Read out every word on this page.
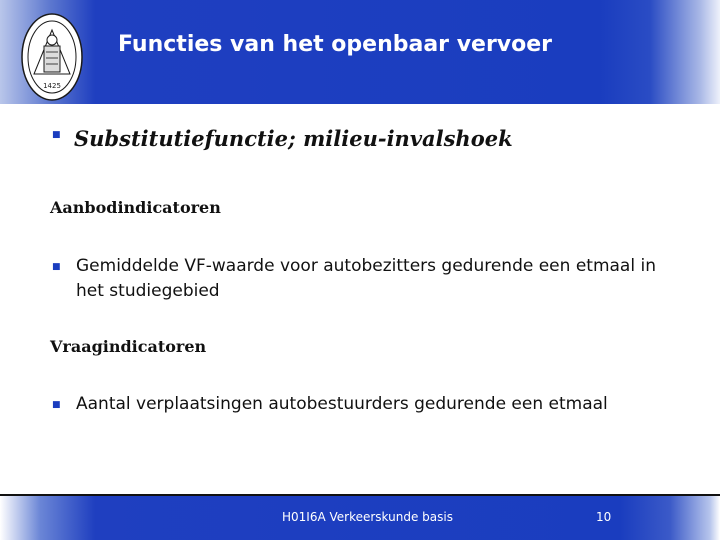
1425
Functies van het openbaar vervoer
■ Substitutiefunctie; milieu-invalshoek

Aanbodindicatoren

■ Gemiddelde VF-waarde voor autobezitters gedurende een etmaal in het studiegebied

Vraagindicatoren

■ Aantal verplaatsingen autobestuurders gedurende een etmaal

H01I6A Verkeerskunde basis	10
